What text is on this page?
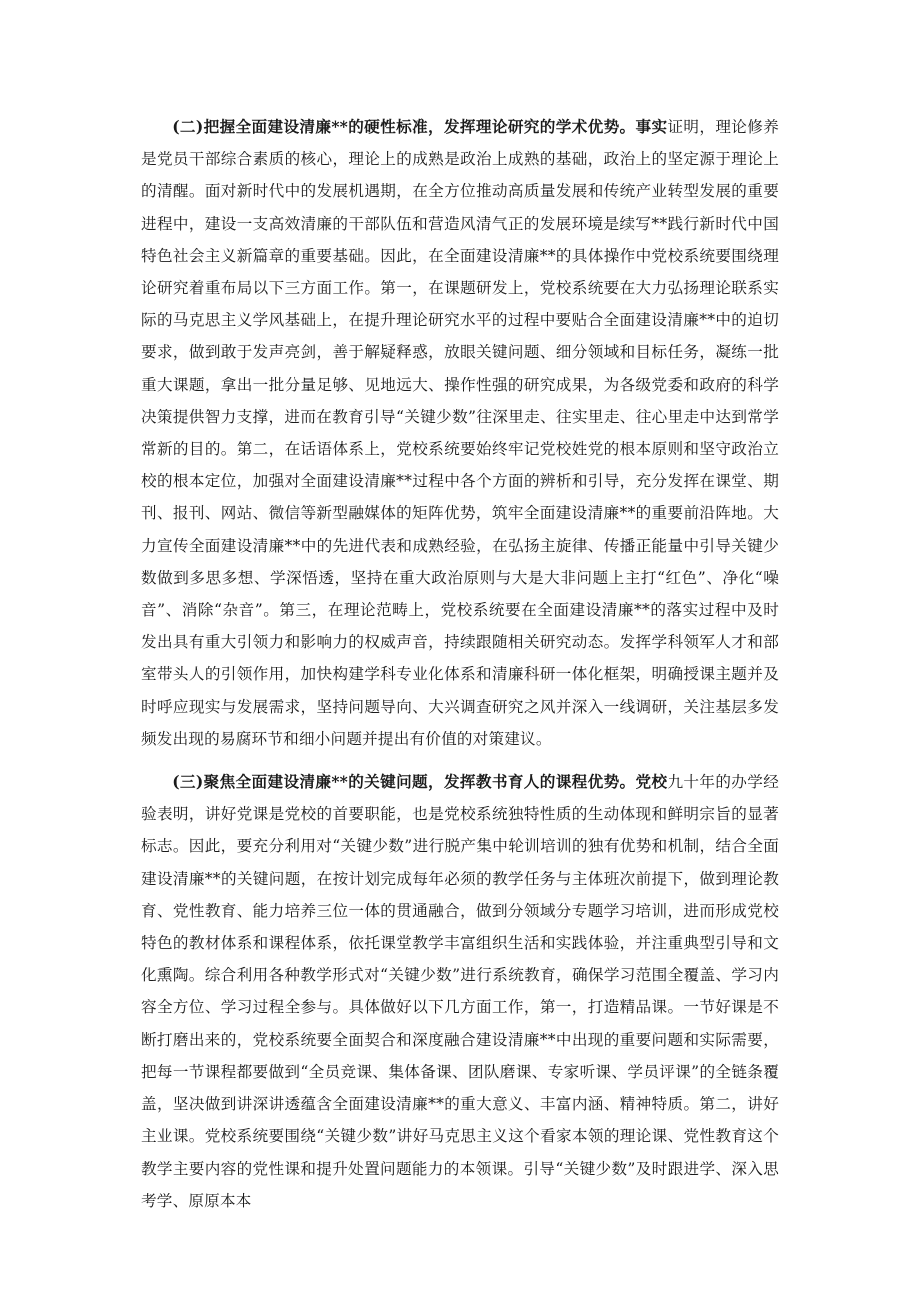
(二)把握全面建设清廉**的硬性标准，发挥理论研究的学术优势。事实证明，理论修养是党员干部综合素质的核心，理论上的成熟是政治上成熟的基础，政治上的坚定源于理论上的清醒。面对新时代中的发展机遇期，在全方位推动高质量发展和传统产业转型发展的重要进程中，建设一支高效清廉的干部队伍和营造风清气正的发展环境是续写**践行新时代中国特色社会主义新篇章的重要基础。因此，在全面建设清廉**的具体操作中党校系统要围绕理论研究着重布局以下三方面工作。第一，在课题研发上，党校系统要在大力弘扬理论联系实际的马克思主义学风基础上，在提升理论研究水平的过程中要贴合全面建设清廉**中的迫切要求，做到敢于发声亮剑，善于解疑释惑，放眼关键问题、细分领域和目标任务，凝练一批重大课题，拿出一批分量足够、见地远大、操作性强的研究成果，为各级党委和政府的科学决策提供智力支撑，进而在教育引导“关键少数”往深里走、往实里走、往心里走中达到常学常新的目的。第二，在话语体系上，党校系统要始终牢记党校姓党的根本原则和坚守政治立校的根本定位，加强对全面建设清廉**过程中各个方面的辨析和引导，充分发挥在课堂、期刊、报刊、网站、微信等新型融媒体的矩阵优势，筑牢全面建设清廉**的重要前沿阵地。大力宣传全面建设清廉**中的先进代表和成熟经验，在弘扬主旋律、传播正能量中引导关键少数做到多思多想、学深悟透，坚持在重大政治原则与大是大非问题上主打“红色”、净化“噪音”、消除“杂音”。第三，在理论范畴上，党校系统要在全面建设清廉**的落实过程中及时发出具有重大引领力和影响力的权威声音，持续跟随相关研究动态。发挥学科领军人才和部室带头人的引领作用，加快构建学科专业化体系和清廉科研一体化框架，明确授课主题并及时呼应现实与发展需求，坚持问题导向、大兴调查研究之风并深入一线调研，关注基层多发频发出现的易腐环节和细小问题并提出有价值的对策建议。

(三)聚焦全面建设清廉**的关键问题，发挥教书育人的课程优势。党校九十年的办学经验表明，讲好党课是党校的首要职能，也是党校系统独特性质的生动体现和鲜明宗旨的显著标志。因此，要充分利用对“关键少数”进行脱产集中轮训培训的独有优势和机制，结合全面建设清廉**的关键问题，在按计划完成每年必须的教学任务与主体班次前提下，做到理论教育、党性教育、能力培养三位一体的贯通融合，做到分领域分专题学习培训，进而形成党校特色的教材体系和课程体系，依托课堂教学丰富组织生活和实践体验，并注重典型引导和文化熏陶。综合利用各种教学形式对“关键少数”进行系统教育，确保学习范围全覆盖、学习内容全方位、学习过程全参与。具体做好以下几方面工作，第一，打造精品课。一节好课是不断打磨出来的，党校系统要全面契合和深度融合建设清廉**中出现的重要问题和实际需要，把每一节课程都要做到“全员竞课、集体备课、团队磨课、专家听课、学员评课”的全链条覆盖，坚决做到讲深讲透蕴含全面建设清廉**的重大意义、丰富内涵、精神特质。第二，讲好主业课。党校系统要围绕“关键少数”讲好马克思主义这个看家本领的理论课、党性教育这个教学主要内容的党性课和提升处置问题能力的本领课。引导“关键少数”及时跟进学、深入思考学、原原本本
